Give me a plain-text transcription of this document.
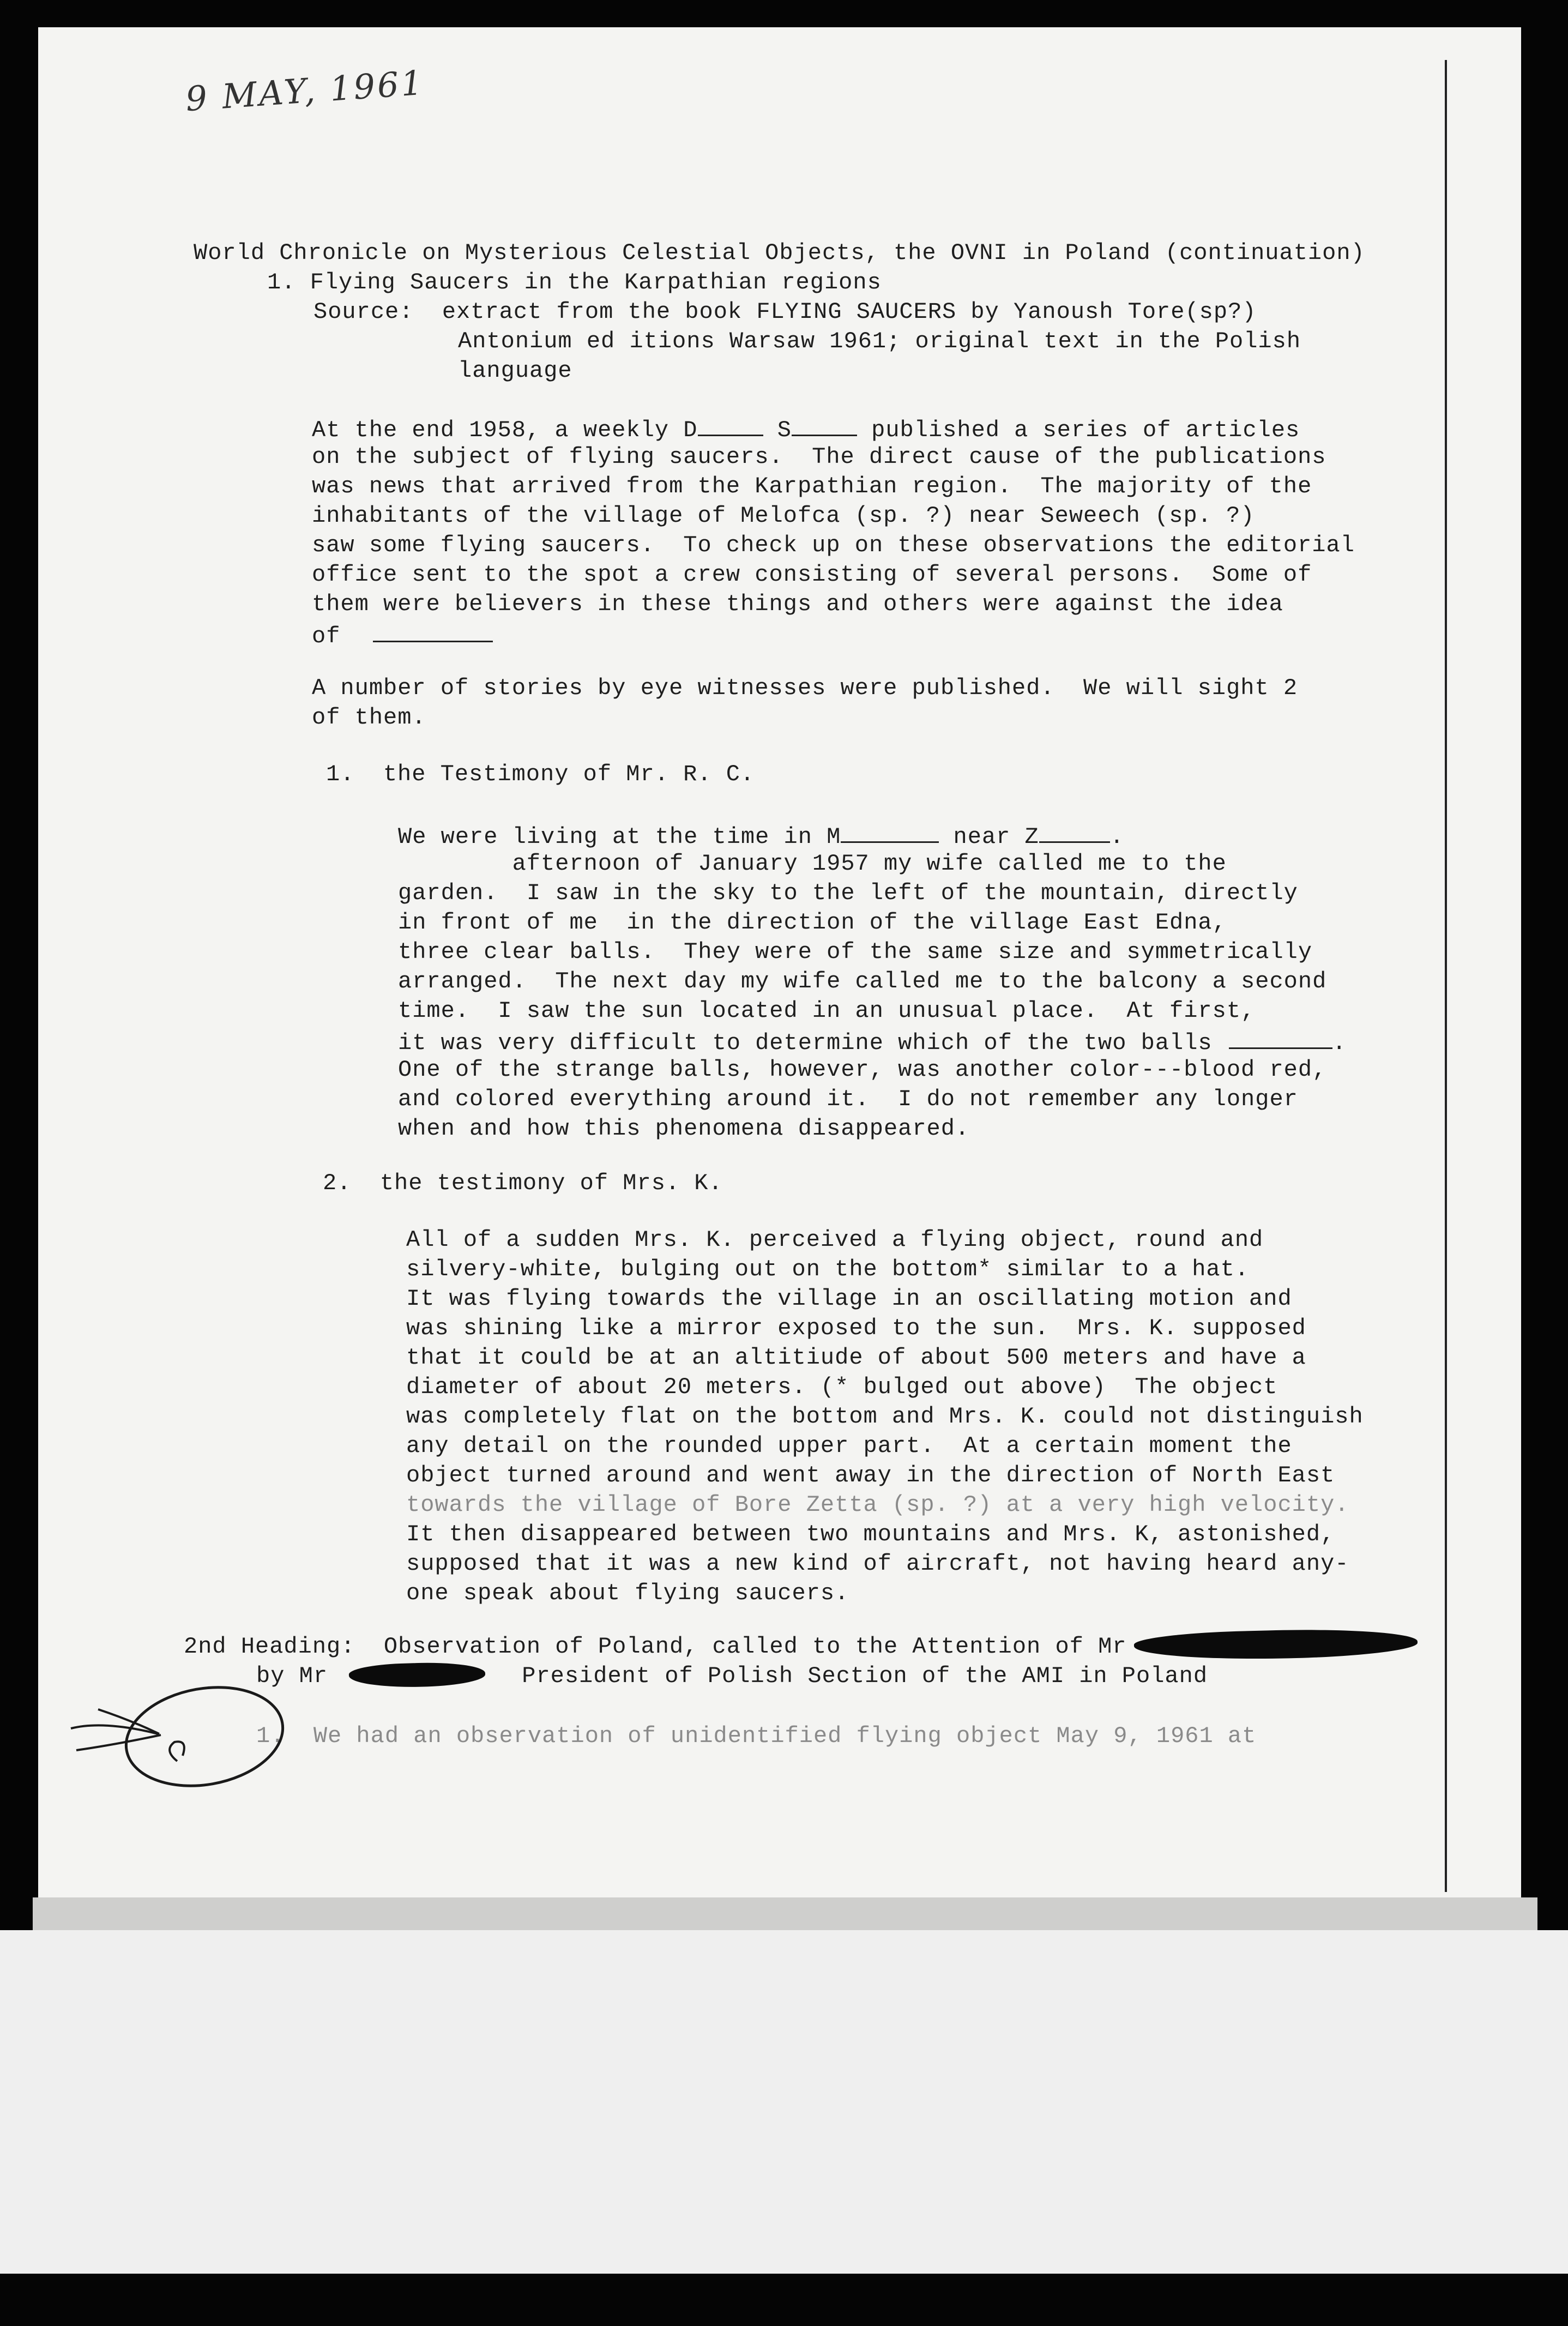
9 MAY, 1961
World Chronicle on Mysterious Celestial Objects, the OVNI in Poland (continuation)
1. Flying Saucers in the Karpathian regions
Source:  extract from the book FLYING SAUCERS by Yanoush Tore(sp?)
Antonium ed itions Warsaw 1961; original text in the Polish
language
At the end 1958, a weekly D	S	published a series of articles
on the subject of flying saucers.  The direct cause of the publications
was news that arrived from the Karpathian region.  The majority of the
inhabitants of the village of Melofca (sp. ?) near Seweech (sp. ?)
saw some flying saucers.  To check up on these observations the editorial
office sent to the spot a crew consisting of several persons.  Some of
them were believers in these things and others were against the idea
of
A number of stories by eye witnesses were published.  We will sight 2
of them.
1.  the Testimony of Mr. R. C.
We were living at the time in M	near Z	.
afternoon of January 1957 my wife called me to the
garden.  I saw in the sky to the left of the mountain, directly
in front of me  in the direction of the village East Edna,
three clear balls.  They were of the same size and symmetrically
arranged.  The next day my wife called me to the balcony a second
time.  I saw the sun located in an unusual place.  At first,
it was very difficult to determine which of the two balls	.
One of the strange balls, however, was another color---blood red,
and colored everything around it.  I do not remember any longer
when and how this phenomena disappeared.
2.  the testimony of Mrs. K.
All of a sudden Mrs. K. perceived a flying object, round and
silvery-white, bulging out on the bottom* similar to a hat.
It was flying towards the village in an oscillating motion and
was shining like a mirror exposed to the sun.  Mrs. K. supposed
that it could be at an altitiude of about 500 meters and have a
diameter of about 20 meters. (* bulged out above)  The object
was completely flat on the bottom and Mrs. K. could not distinguish
any detail on the rounded upper part.  At a certain moment the
object turned around and went away in the direction of North East
towards the village of Bore Zetta (sp. ?) at a very high velocity.
It then disappeared between two mountains and Mrs. K, astonished,
supposed that it was a new kind of aircraft, not having heard any-
one speak about flying saucers.
2nd Heading:  Observation of Poland, called to the Attention of Mr
by Mr	President of Polish Section of the AMI in Poland
1.  We had an observation of unidentified flying object May 9, 1961 at
